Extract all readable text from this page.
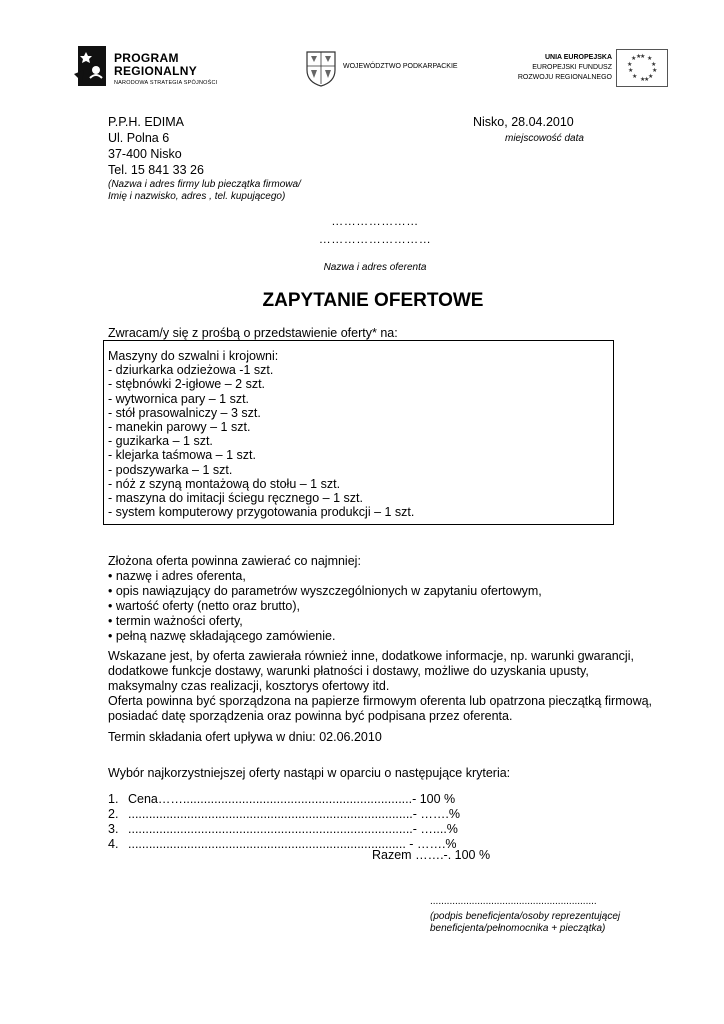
PROGRAM
REGIONALNY
NARODOWA STRATEGIA SPÓJNOŚCI
WOJEWÓDZTWO PODKARPACKIE
UNIA EUROPEJSKA
EUROPEJSKI FUNDUSZ
ROZWOJU REGIONALNEGO
★ ★
★
★
★
★
★
★
★
★ ★
★
P.P.H. EDIMA
Ul. Polna 6
37-400 Nisko
Tel. 15 841 33 26
(Nazwa i adres firmy lub pieczątka firmowa/
Imię i nazwisko, adres , tel. kupującego)
Nisko, 28.04.2010
miejscowość data
…………………
………………………
Nazwa i adres oferenta
ZAPYTANIE OFERTOWE
Zwracam/y się z prośbą o przedstawienie oferty* na:
Maszyny do szwalni i krojowni:
- dziurkarka odzieżowa -1 szt.
- stębnówki 2-igłowe – 2 szt.
- wytwornica pary – 1 szt.
- stół prasowalniczy – 3 szt.
- manekin parowy – 1 szt.
- guzikarka – 1 szt.
- klejarka taśmowa – 1 szt.
- podszywarka – 1 szt.
- nóż z szyną montażową do stołu – 1 szt.
- maszyna do imitacji ściegu ręcznego – 1 szt.
- system komputerowy przygotowania produkcji – 1 szt.
Złożona oferta powinna zawierać co najmniej:
• nazwę i adres oferenta,
• opis nawiązujący do parametrów wyszczególnionych w zapytaniu ofertowym,
• wartość oferty (netto oraz brutto),
• termin ważności oferty,
• pełną nazwę składającego zamówienie.
Wskazane jest, by oferta zawierała również inne, dodatkowe informacje, np. warunki gwarancji,
dodatkowe funkcje dostawy, warunki płatności i dostawy, możliwe do uzyskania upusty,
maksymalny czas realizacji, kosztorys ofertowy itd.
Oferta powinna być sporządzona na papierze firmowym oferenta lub opatrzona pieczątką firmową,
posiadać datę sporządzenia oraz powinna być podpisana przez oferenta.
Termin składania ofert upływa w dniu: 02.06.2010
Wybór najkorzystniejszej oferty nastąpi w oparciu o następujące kryteria:
1. Cena……..................................................................- 100 %
2. ..................................................................................- …….%
3. ..................................................................................- …....%
4. ................................................................................ - …….%
Razem …….-. 100 %
............................................................
(podpis beneficjenta/osoby reprezentującej
beneficjenta/pełnomocnika + pieczątka)
